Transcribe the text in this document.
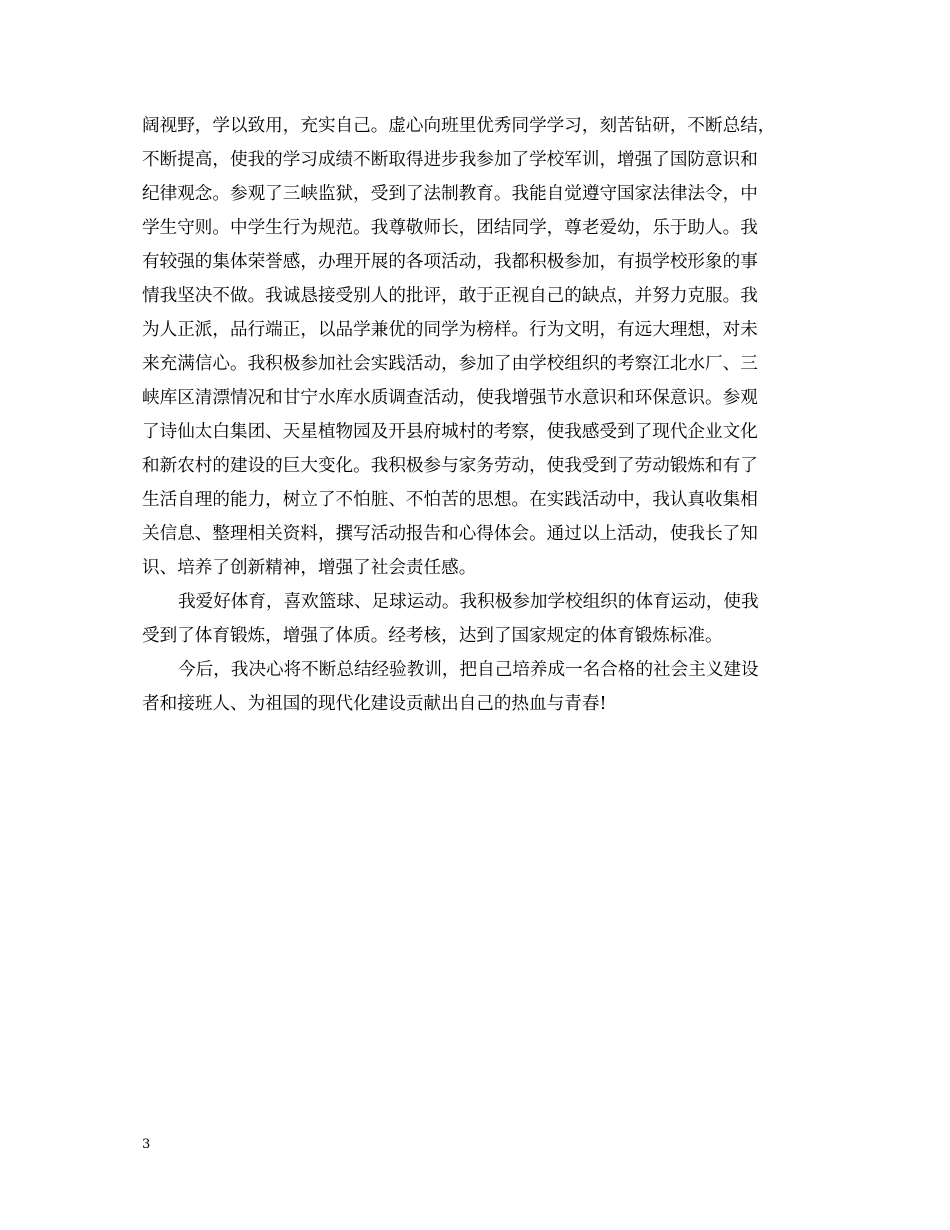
阔视野，学以致用，充实自己。虚心向班里优秀同学学习，刻苦钻研，不断总结，
不断提高，使我的学习成绩不断取得进步我参加了学校军训，增强了国防意识和
纪律观念。参观了三峡监狱，受到了法制教育。我能自觉遵守国家法律法令，中
学生守则。中学生行为规范。我尊敬师长，团结同学，尊老爱幼，乐于助人。我
有较强的集体荣誉感，办理开展的各项活动，我都积极参加，有损学校形象的事
情我坚决不做。我诚恳接受别人的批评，敢于正视自己的缺点，并努力克服。我
为人正派，品行端正，以品学兼优的同学为榜样。行为文明，有远大理想，对未
来充满信心。我积极参加社会实践活动，参加了由学校组织的考察江北水厂、三
峡库区清漂情况和甘宁水库水质调查活动，使我增强节水意识和环保意识。参观
了诗仙太白集团、天星植物园及开县府城村的考察，使我感受到了现代企业文化
和新农村的建设的巨大变化。我积极参与家务劳动，使我受到了劳动锻炼和有了
生活自理的能力，树立了不怕脏、不怕苦的思想。在实践活动中，我认真收集相
关信息、整理相关资料，撰写活动报告和心得体会。通过以上活动，使我长了知
识、培养了创新精神，增强了社会责任感。
我爱好体育，喜欢篮球、足球运动。我积极参加学校组织的体育运动，使我
受到了体育锻炼，增强了体质。经考核，达到了国家规定的体育锻炼标准。
今后，我决心将不断总结经验教训，把自己培养成一名合格的社会主义建设
者和接班人、为祖国的现代化建设贡献出自己的热血与青春!
3
